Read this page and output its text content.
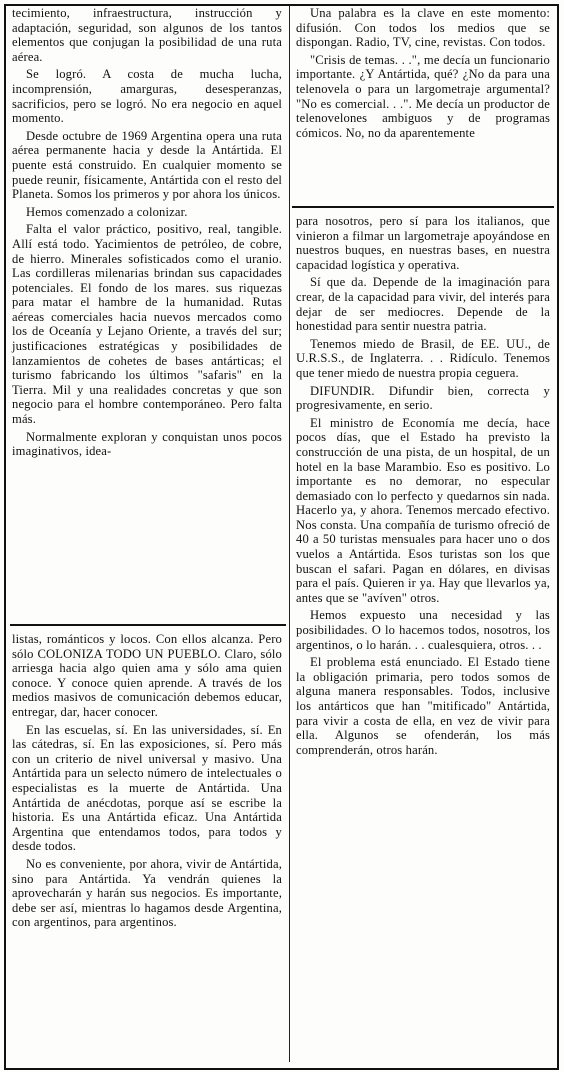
tecimiento, infraestructura, instrucción y adaptación, seguridad, son algunos de los tantos elementos que conjugan la posibilidad de una ruta aérea.

Se logró. A costa de mucha lucha, incomprensión, amarguras, desesperanzas, sacrificios, pero se logró. No era negocio en aquel momento.

Desde octubre de 1969 Argentina opera una ruta aérea permanente hacia y desde la Antártida. El puente está construido. En cualquier momento se puede reunir, físicamente, Antártida con el resto del Planeta. Somos los primeros y por ahora los únicos.

Hemos comenzado a colonizar.

Falta el valor práctico, positivo, real, tangible. Allí está todo. Yacimientos de petróleo, de cobre, de hierro. Minerales sofisticados como el uranio. Las cordilleras milenarias brindan sus capacidades potenciales. El fondo de los mares. sus riquezas para matar el hambre de la humanidad. Rutas aéreas comerciales hacia nuevos mercados como los de Oceanía y Lejano Oriente, a través del sur; justificaciones estratégicas y posibilidades de lanzamientos de cohetes de bases antárticas; el turismo fabricando los últimos "safaris" en la Tierra. Mil y una realidades concretas y que son negocio para el hombre contemporáneo. Pero falta más.

Normalmente exploran y conquistan unos pocos imaginativos, idea-

listas, románticos y locos. Con ellos alcanza. Pero sólo COLONIZA TODO UN PUEBLO. Claro, sólo arriesga hacia algo quien ama y sólo ama quien conoce. Y conoce quien aprende. A través de los medios masivos de comunicación debemos educar, entregar, dar, hacer conocer.

En las escuelas, sí. En las universidades, sí. En las cátedras, sí. En las exposiciones, sí. Pero más con un criterio de nivel universal y masivo. Una Antártida para un selecto número de intelectuales o especialistas es la muerte de Antártida. Una Antártida de anécdotas, porque así se escribe la historia. Es una Antártida eficaz. Una Antártida Argentina que entendamos todos, para todos y desde todos.

No es conveniente, por ahora, vivir de Antártida, sino para Antártida. Ya vendrán quienes la aprovecharán y harán sus negocios. Es importante, debe ser así, mientras lo hagamos desde Argentina, con argentinos, para argentinos.

Una palabra es la clave en este momento: difusión. Con todos los medios que se dispongan. Radio, TV, cine, revistas. Con todos.

"Crisis de temas. . .", me decía un funcionario importante. ¿Y Antártida, qué? ¿No da para una telenovela o para un largometraje argumental? "No es comercial. . .". Me decía un productor de telenovelones ambiguos y de programas cómicos. No, no da aparentemente

para nosotros, pero sí para los italianos, que vinieron a filmar un largometraje apoyándose en nuestros buques, en nuestras bases, en nuestra capacidad logística y operativa.

Sí que da. Depende de la imaginación para crear, de la capacidad para vivir, del interés para dejar de ser mediocres. Depende de la honestidad para sentir nuestra patria.

Tenemos miedo de Brasil, de EE. UU., de U.R.S.S., de Inglaterra. . . Ridículo. Tenemos que tener miedo de nuestra propia ceguera.

DIFUNDIR. Difundir bien, correcta y progresivamente, en serio.

El ministro de Economía me decía, hace pocos días, que el Estado ha previsto la construcción de una pista, de un hospital, de un hotel en la base Marambio. Eso es positivo. Lo importante es no demorar, no especular demasiado con lo perfecto y quedarnos sin nada. Hacerlo ya, y ahora. Tenemos mercado efectivo. Nos consta. Una compañía de turismo ofreció de 40 a 50 turistas mensuales para hacer uno o dos vuelos a Antártida. Esos turistas son los que buscan el safari. Pagan en dólares, en divisas para el país. Quieren ir ya. Hay que llevarlos ya, antes que se "avíven" otros.

Hemos expuesto una necesidad y las posibilidades. O lo hacemos todos, nosotros, los argentinos, o lo harán. . . cualesquiera, otros. . .

El problema está enunciado. El Estado tiene la obligación primaria, pero todos somos de alguna manera responsables. Todos, inclusive los antárticos que han "mitificado" Antártida, para vivir a costa de ella, en vez de vivir para ella. Algunos se ofenderán, los más comprenderán, otros harán.
